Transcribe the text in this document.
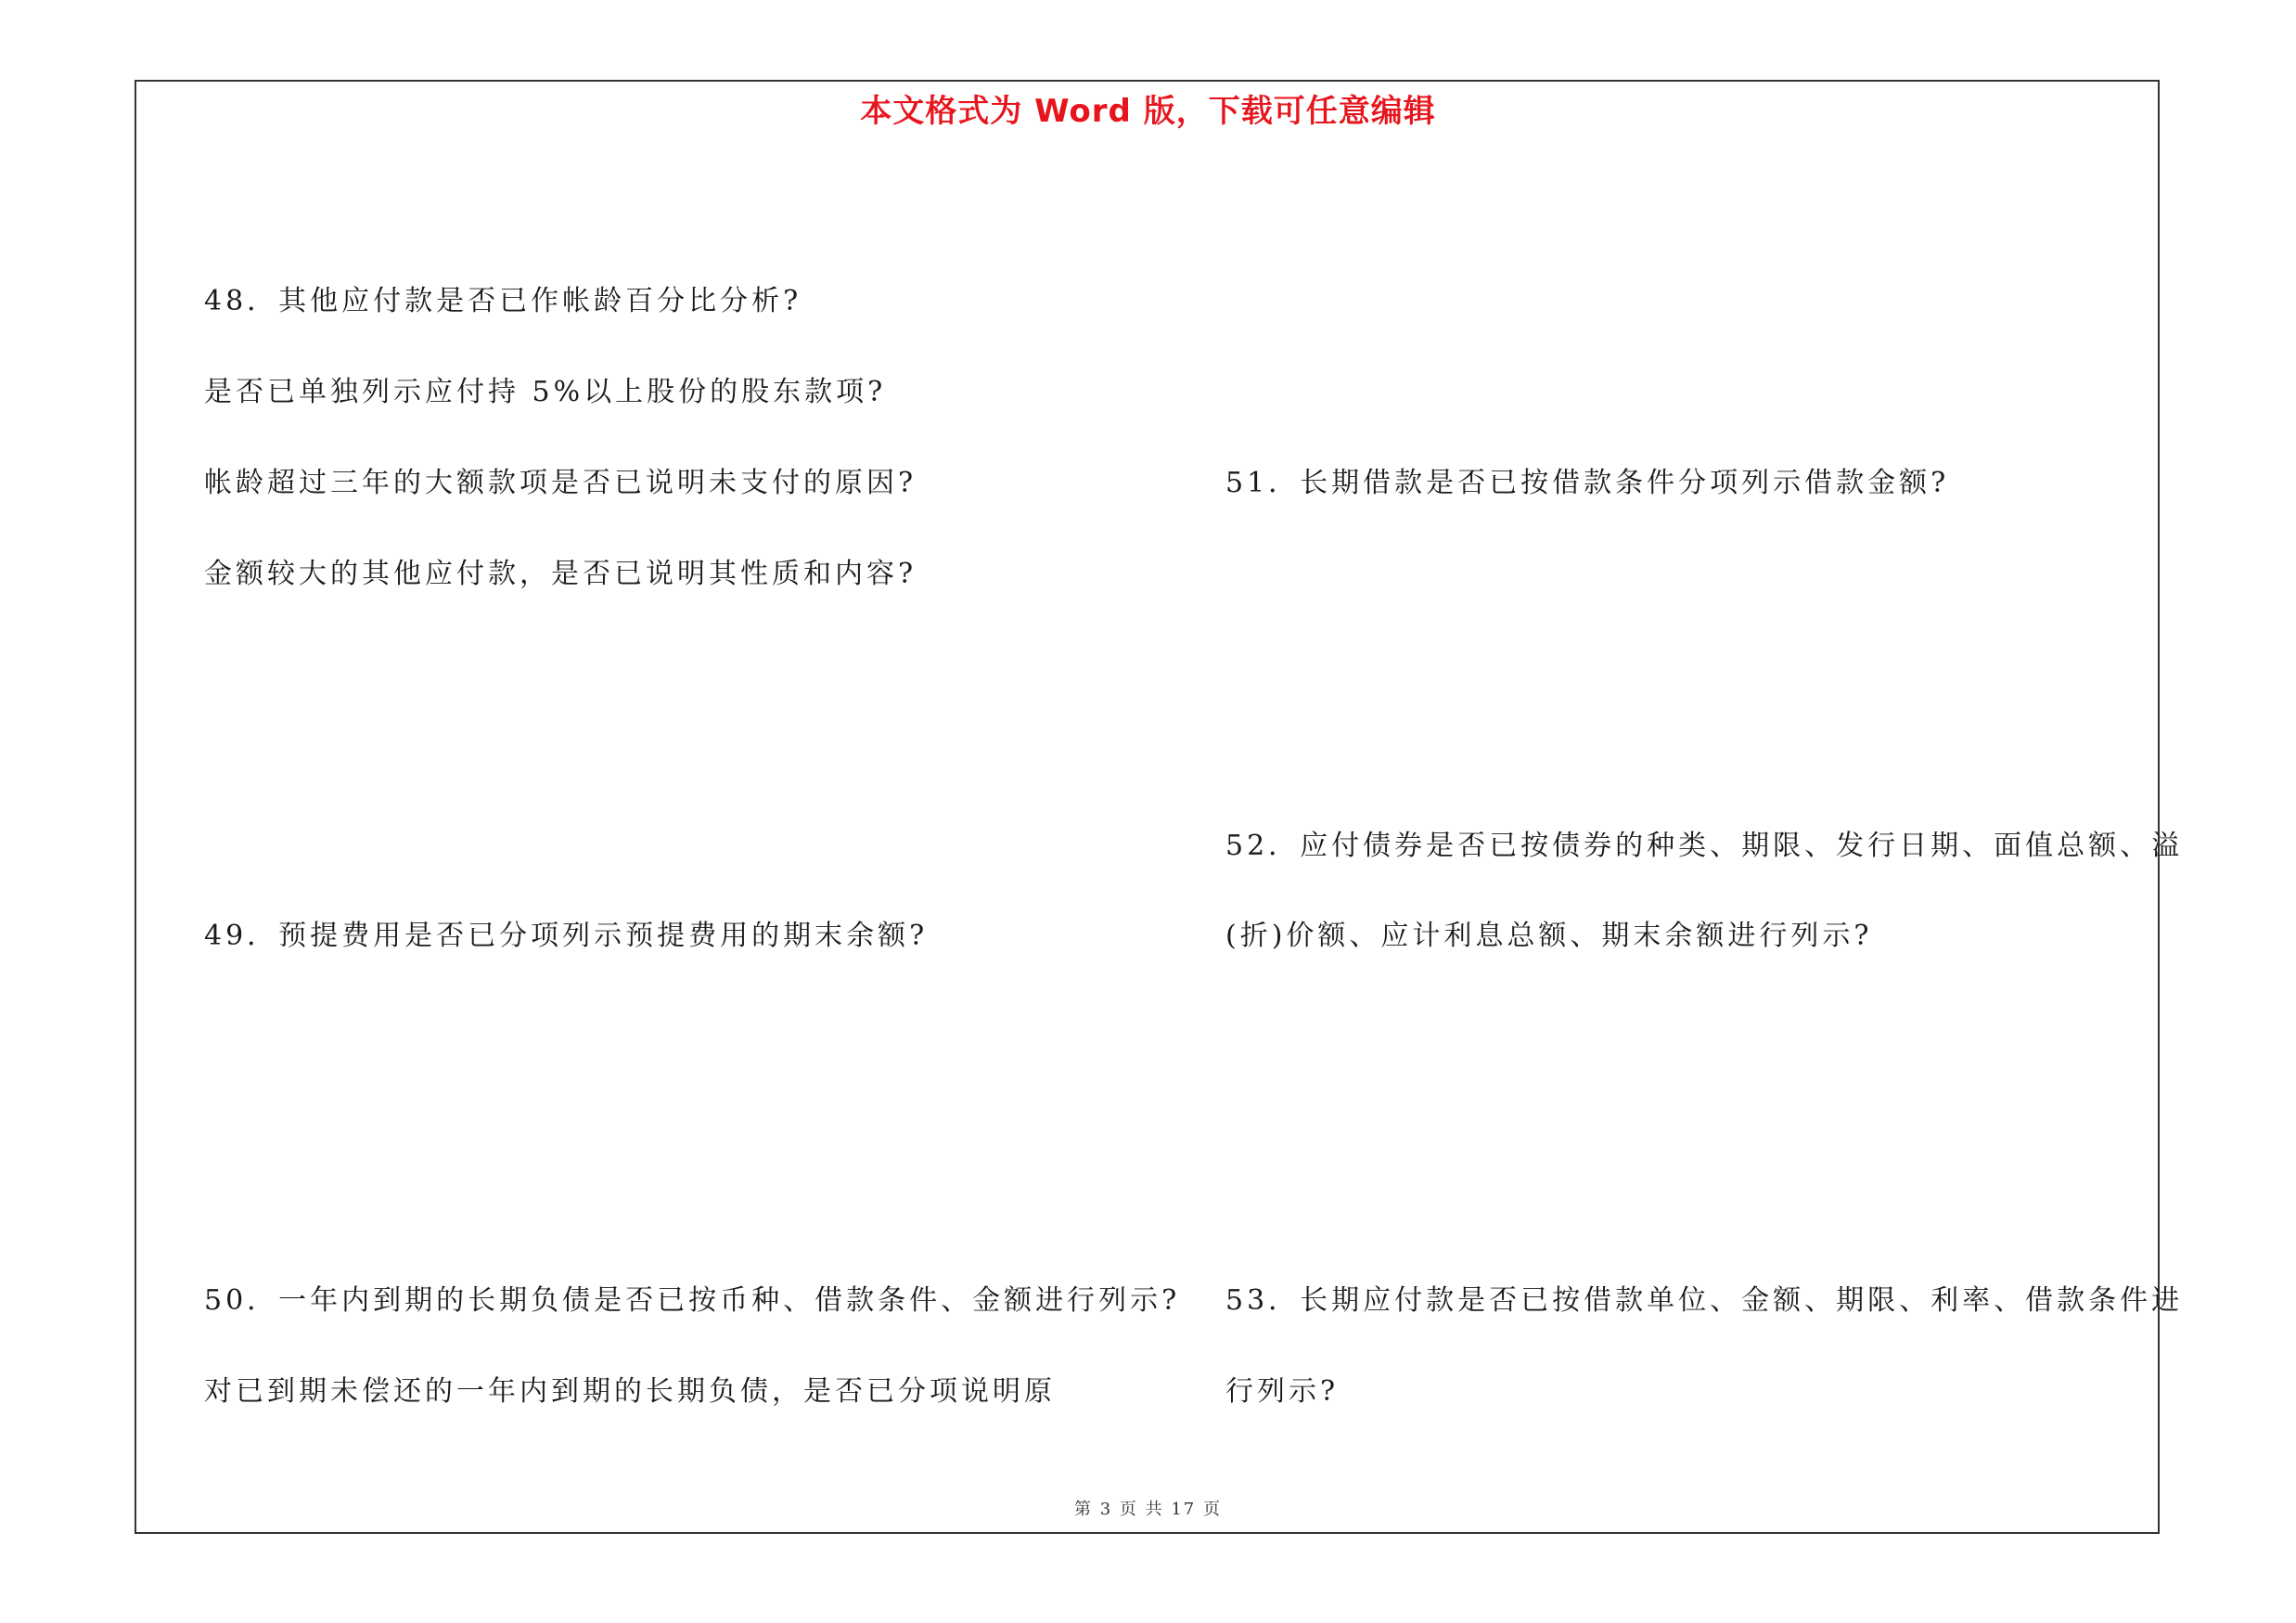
本文格式为 Word 版，下载可任意编辑
48．其他应付款是否已作帐龄百分比分析?
是否已单独列示应付持 5%以上股份的股东款项?
帐龄超过三年的大额款项是否已说明未支付的原因?
金额较大的其他应付款，是否已说明其性质和内容?
49．预提费用是否已分项列示预提费用的期末余额?
50．一年内到期的长期负债是否已按币种、借款条件、金额进行列示?
对已到期未偿还的一年内到期的长期负债，是否已分项说明原
51．长期借款是否已按借款条件分项列示借款金额?
52．应付债券是否已按债券的种类、期限、发行日期、面值总额、溢
(折)价额、应计利息总额、期末余额进行列示?
53．长期应付款是否已按借款单位、金额、期限、利率、借款条件进
行列示?
第 3 页 共 17 页
